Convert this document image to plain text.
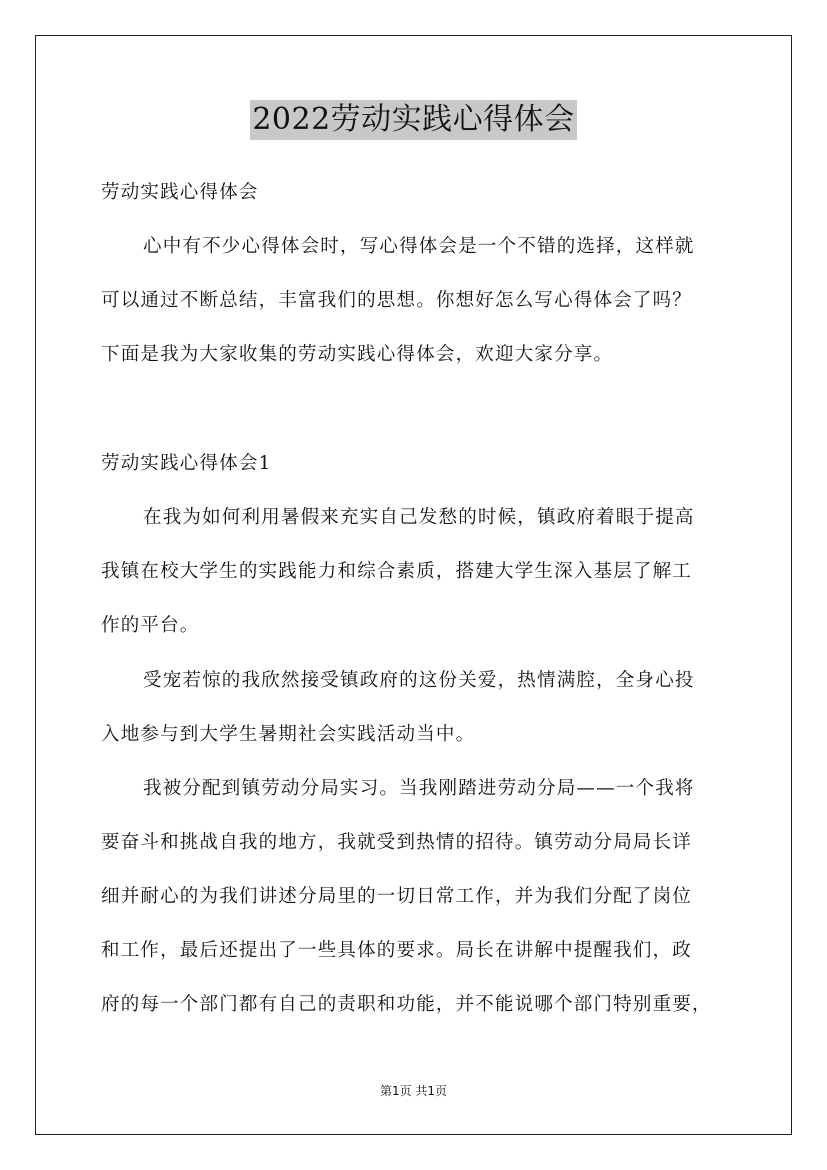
2022劳动实践心得体会
劳动实践心得体会
心中有不少心得体会时，写心得体会是一个不错的选择，这样就
可以通过不断总结，丰富我们的思想。你想好怎么写心得体会了吗？
下面是我为大家收集的劳动实践心得体会，欢迎大家分享。
劳动实践心得体会1
在我为如何利用暑假来充实自己发愁的时候，镇政府着眼于提高
我镇在校大学生的实践能力和综合素质，搭建大学生深入基层了解工
作的平台。
受宠若惊的我欣然接受镇政府的这份关爱，热情满腔，全身心投
入地参与到大学生暑期社会实践活动当中。
我被分配到镇劳动分局实习。当我刚踏进劳动分局——一个我将
要奋斗和挑战自我的地方，我就受到热情的招待。镇劳动分局局长详
细并耐心的为我们讲述分局里的一切日常工作，并为我们分配了岗位
和工作，最后还提出了一些具体的要求。局长在讲解中提醒我们，政
府的每一个部门都有自己的责职和功能，并不能说哪个部门特别重要，
第1页 共1页
